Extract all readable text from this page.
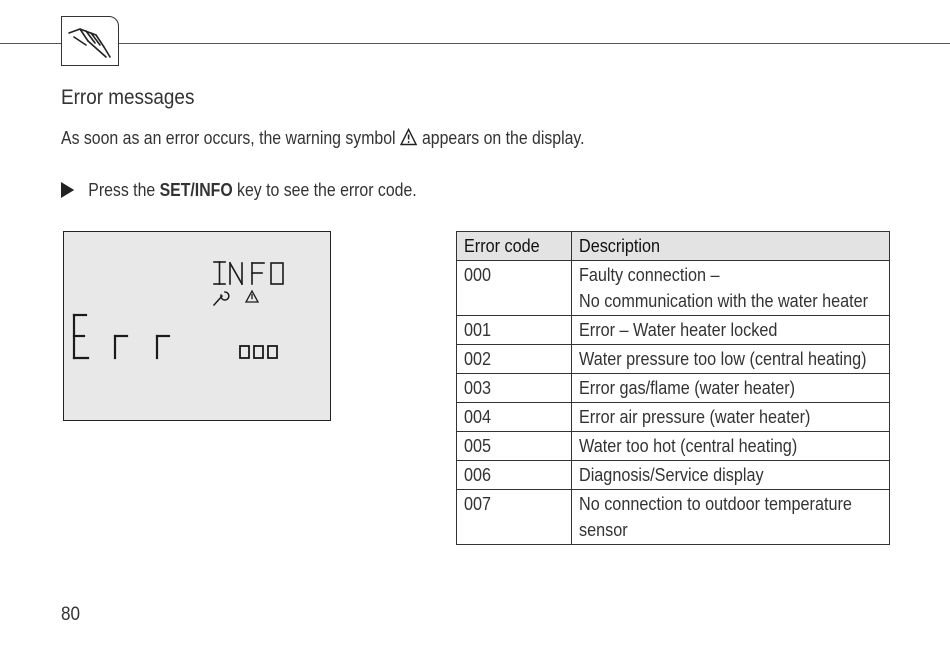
Error messages
As soon as an error occurs, the warning symbol  appears on the display.
Press the SET/INFO key to see the error code.
Error code	Description

000	Faulty connection –
No communication with the water heater

001	Error – Water heater locked

002	Water pressure too low (central heating)

003	Error gas/flame (water heater)

004	Error air pressure (water heater)

005	Water too hot (central heating)

006	Diagnosis/Service display

007	No connection to outdoor temperature sensor
80
